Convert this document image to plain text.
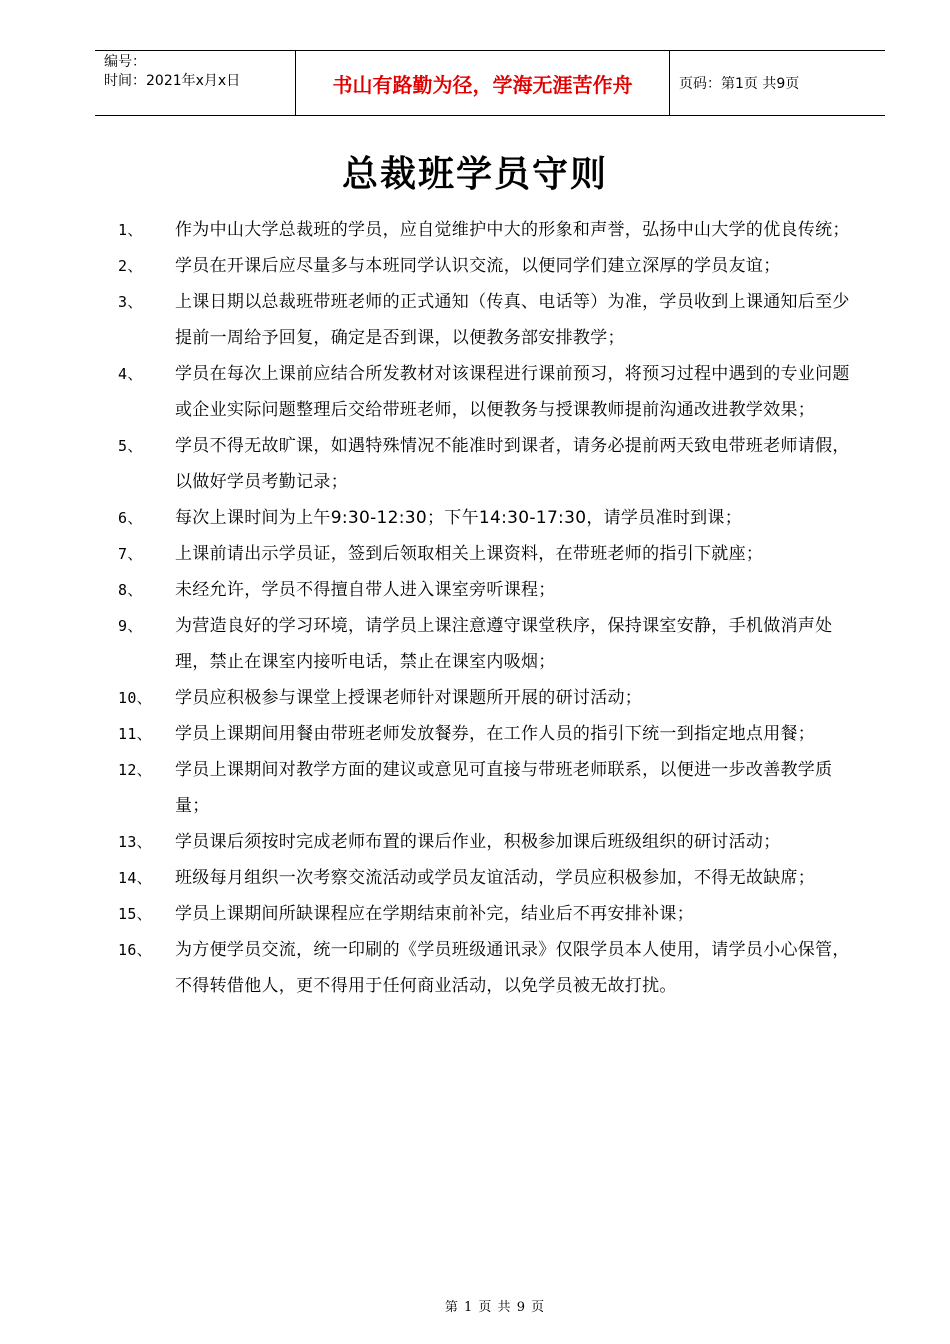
编号：
时间：2021年x月x日	书山有路勤为径，学海无涯苦作舟	页码：第1页 共9页
总裁班学员守则
1、 作为中山大学总裁班的学员，应自觉维护中大的形象和声誉，弘扬中山大学的优良传统；
2、 学员在开课后应尽量多与本班同学认识交流，以便同学们建立深厚的学员友谊；
3、 上课日期以总裁班带班老师的正式通知（传真、电话等）为准，学员收到上课通知后至少提前一周给予回复，确定是否到课，以便教务部安排教学；
4、 学员在每次上课前应结合所发教材对该课程进行课前预习，将预习过程中遇到的专业问题或企业实际问题整理后交给带班老师，以便教务与授课教师提前沟通改进教学效果；
5、 学员不得无故旷课，如遇特殊情况不能准时到课者，请务必提前两天致电带班老师请假，以做好学员考勤记录；
6、 每次上课时间为上午9:30-12:30；下午14:30-17:30，请学员准时到课；
7、 上课前请出示学员证，签到后领取相关上课资料，在带班老师的指引下就座；
8、 未经允许，学员不得擅自带人进入课室旁听课程；
9、 为营造良好的学习环境，请学员上课注意遵守课堂秩序，保持课室安静，手机做消声处理，禁止在课室内接听电话，禁止在课室内吸烟；
10、 学员应积极参与课堂上授课老师针对课题所开展的研讨活动；
11、 学员上课期间用餐由带班老师发放餐券，在工作人员的指引下统一到指定地点用餐；
12、 学员上课期间对教学方面的建议或意见可直接与带班老师联系，以便进一步改善教学质量；
13、 学员课后须按时完成老师布置的课后作业，积极参加课后班级组织的研讨活动；
14、 班级每月组织一次考察交流活动或学员友谊活动，学员应积极参加，不得无故缺席；
15、 学员上课期间所缺课程应在学期结束前补完，结业后不再安排补课；
16、 为方便学员交流，统一印刷的《学员班级通讯录》仅限学员本人使用，请学员小心保管，不得转借他人，更不得用于任何商业活动，以免学员被无故打扰。
第 1 页 共 9 页
